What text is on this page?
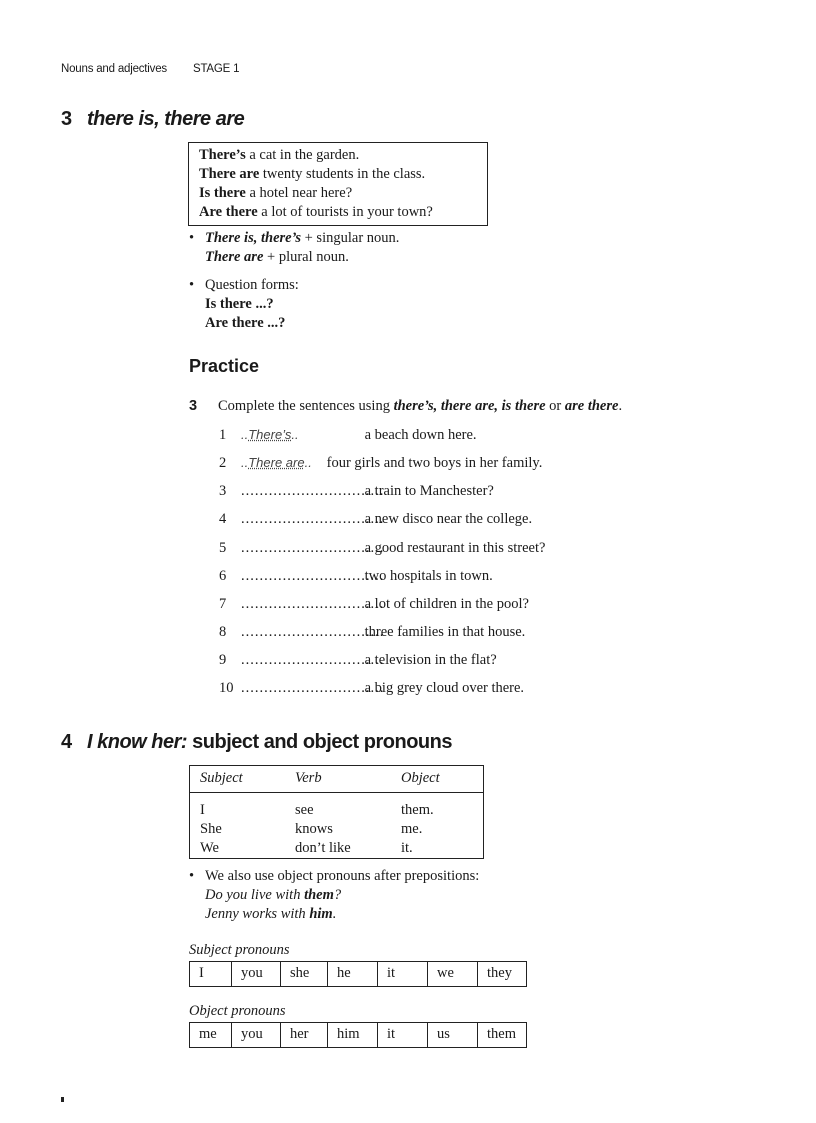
Nouns and adjectives STAGE 1
3 there is, there are
There’s a cat in the garden.
There are twenty students in the class.
Is there a hotel near here?
Are there a lot of tourists in your town?
• There is, there’s + singular noun.
There are + plural noun.
• Question forms:
Is there ...?
Are there ...?
Practice
3 Complete the sentences using there’s, there are, is there or are there.
1 ..There’s..	a beach down here.
2 ..There are.. four girls and two boys in her family.
3 ............................... a train to Manchester?
4 ............................... a new disco near the college.
5 ............................... a good restaurant in this street?
6 ............................... two hospitals in town.
7 ............................... a lot of children in the pool?
8 ............................... three families in that house.
9 ............................... a television in the flat?
10 ............................... a big grey cloud over there.
4 I know her: subject and object pronouns
Subject	Verb	Object
I	see	them.
She	knows	me.
We	don’t like	it.
• We also use object pronouns after prepositions:
Do you live with them?
Jenny works with him.
Subject pronouns
I	you	she	he	it	we	they
Object pronouns
me	you	her	him	it	us	them
